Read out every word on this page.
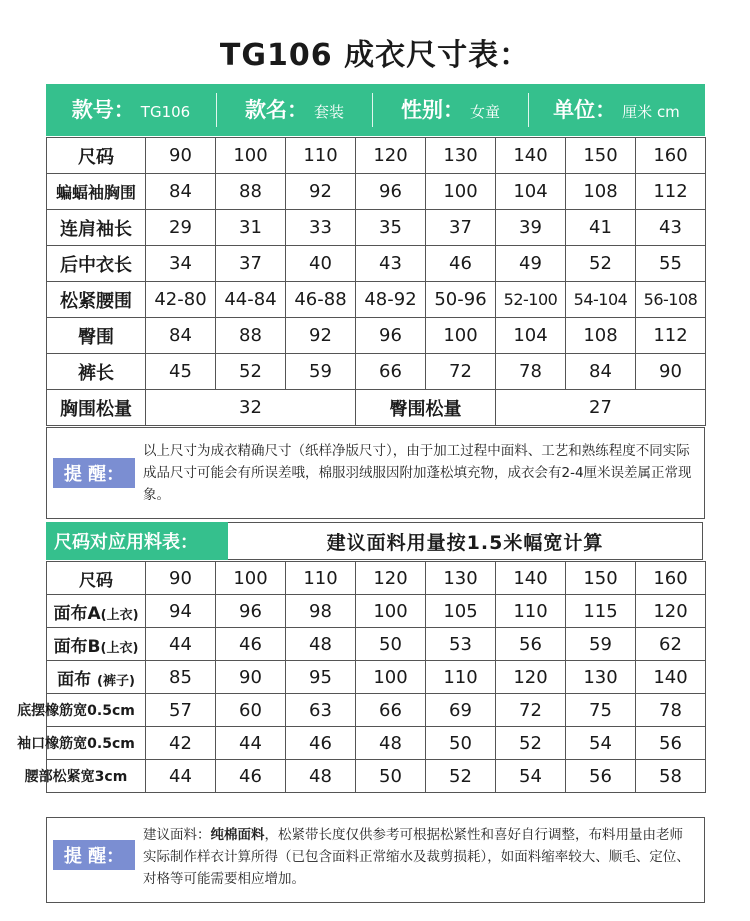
TG106 成衣尺寸表：
款号： TG106	款名： 套装	性别： 女童	单位： 厘米 cm
尺码	90	100	110	120	130	140	150	160
蝙蝠袖胸围	84	88	92	96	100	104	108	112
连肩袖长	29	31	33	35	37	39	41	43
后中衣长	34	37	40	43	46	49	52	55
松紧腰围	42-80	44-84	46-88	48-92	50-96	52-100	54-104	56-108
臀围	84	88	92	96	100	104	108	112
裤长	45	52	59	66	72	78	84	90
胸围松量	32			臀围松量		27		
提 醒：
以上尺寸为成衣精确尺寸（纸样净版尺寸），由于加工过程中面料、工艺和熟练程度不同实际成品尺寸可能会有所误差哦，棉服羽绒服因附加蓬松填充物，成衣会有2-4厘米误差属正常现象。
尺码对应用料表：	建议面料用量按1.5米幅宽计算
尺码	90	100	110	120	130	140	150	160
面布A(上衣)	94	96	98	100	105	110	115	120
面布B(上衣)	44	46	48	50	53	56	59	62
面布 (裤子)	85	90	95	100	110	120	130	140
底摆橡筋宽0.5cm	57	60	63	66	69	72	75	78
袖口橡筋宽0.5cm	42	44	46	48	50	52	54	56
腰部松紧宽3cm	44	46	48	50	52	54	56	58
提 醒：
建议面料：纯棉面料，松紧带长度仅供参考可根据松紧性和喜好自行调整，布料用量由老师实际制作样衣计算所得（已包含面料正常缩水及裁剪损耗），如面料缩率较大、顺毛、定位、对格等可能需要相应增加。
